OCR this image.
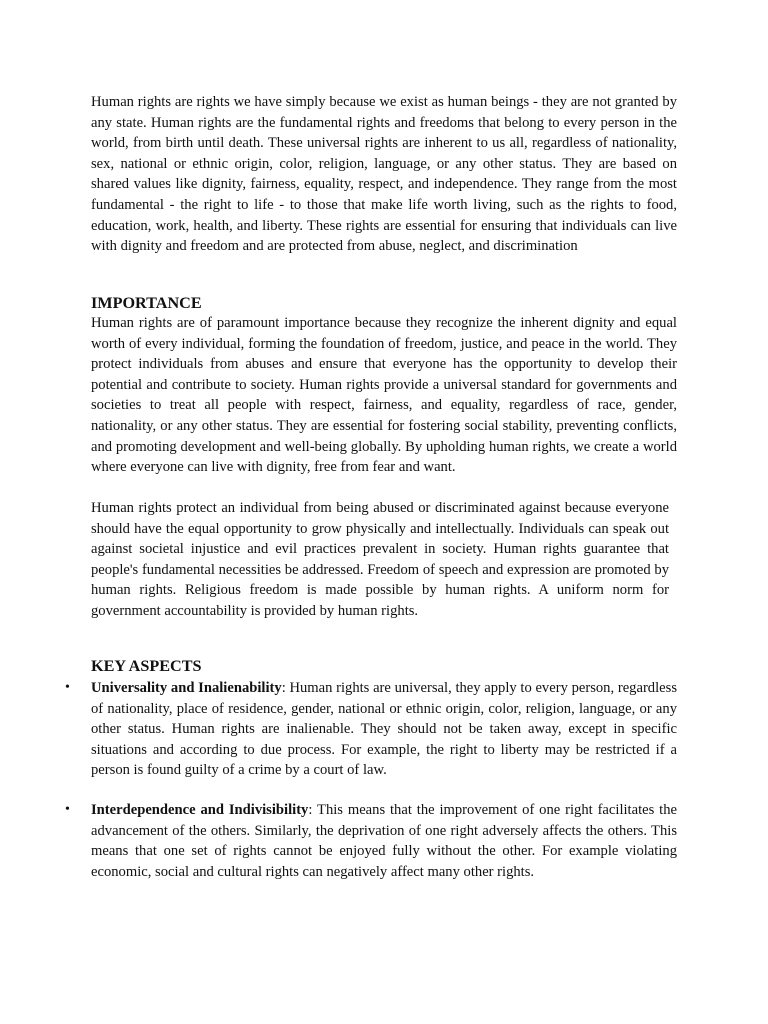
Human rights are rights we have simply because we exist as human beings - they are not granted by any state. Human rights are the fundamental rights and freedoms that belong to every person in the world, from birth until death. These universal rights are inherent to us all, regardless of nationality, sex, national or ethnic origin, color, religion, language, or any other status. They are based on shared values like dignity, fairness, equality, respect, and independence. They range from the most fundamental - the right to life - to those that make life worth living, such as the rights to food, education, work, health, and liberty. These rights are essential for ensuring that individuals can live with dignity and freedom and are protected from abuse, neglect, and discrimination

IMPORTANCE

Human rights are of paramount importance because they recognize the inherent dignity and equal worth of every individual, forming the foundation of freedom, justice, and peace in the world. They protect individuals from abuses and ensure that everyone has the opportunity to develop their potential and contribute to society. Human rights provide a universal standard for governments and societies to treat all people with respect, fairness, and equality, regardless of race, gender, nationality, or any other status. They are essential for fostering social stability, preventing conflicts, and promoting development and well-being globally. By upholding human rights, we create a world where everyone can live with dignity, free from fear and want.

Human rights protect an individual from being abused or discriminated against because everyone should have the equal opportunity to grow physically and intellectually. Individuals can speak out against societal injustice and evil practices prevalent in society. Human rights guarantee that people's fundamental necessities be addressed. Freedom of speech and expression are promoted by human rights. Religious freedom is made possible by human rights. A uniform norm for government accountability is provided by human rights.

KEY ASPECTS
•	Universality and Inalienability: Human rights are universal, they apply to every person, regardless of nationality, place of residence, gender, national or ethnic origin, color, religion, language, or any other status. Human rights are inalienable. They should not be taken away, except in specific situations and according to due process. For example, the right to liberty may be restricted if a person is found guilty of a crime by a court of law.

•	Interdependence and Indivisibility: This means that the improvement of one right facilitates the advancement of the others. Similarly, the deprivation of one right adversely affects the others. This means that one set of rights cannot be enjoyed fully without the other. For example violating economic, social and cultural rights can negatively affect many other rights.
